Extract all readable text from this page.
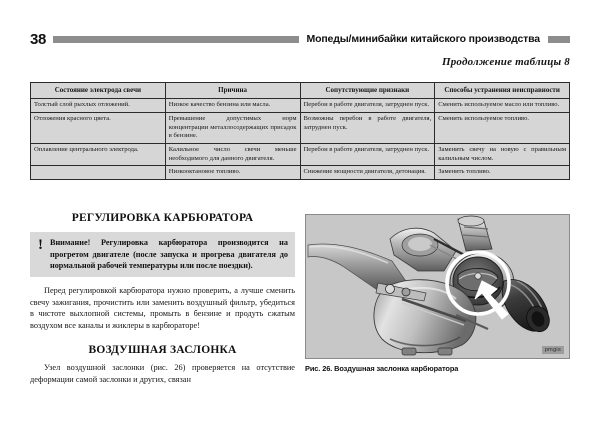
38	Мопеды/минибайки китайского производства
Продолжение таблицы 8
Состояние электрода свечи	Причина	Сопутствующие признаки	Способы устранения неисправности
Толстый слой рыхлых отложений.	Низкое качество бензина или масла.	Перебои в работе двигателя, затруднен пуск.	Сменить используемое масло или топливо.
Отложения красного цвета.	Превышение допустимых норм концентрации металлосодержащих присадок в бензине.	Возможны перебои в работе двигателя, затруднен пуск.	Сменить используемое топливо.
Оплавление центрального электрода.	Калильное число свечи меньше необходимого для данного двигателя.	Перебои в работе двигателя, затруднен пуск.	Заменить свечу на новую с правильным калильным числом.
	Низкооктановое топливо.	Снижение мощности двигателя, детонация.	Заменить топливо.
РЕГУЛИРОВКА КАРБЮРАТОРА
! Внимание! Регулировка карбюратора производится на прогретом двигателе (после запуска и прогрева двигателя до нормальной рабочей температуры или после поездки).

Перед регулировкой карбюратора нужно проверить, а лучше сменить свечу зажигания, прочистить или заменить воздушный фильтр, убедиться в чистоте выхлопной системы, промыть в бензине и продуть сжатым воздухом все каналы и жиклеры в карбюраторе!

ВОЗДУШНАЯ ЗАСЛОНКА

Узел воздушной заслонки (рис. 26) проверяется на отсутствие деформации самой заслонки и других, связан

pmgis
Рис. 26. Воздушная заслонка карбюратора
